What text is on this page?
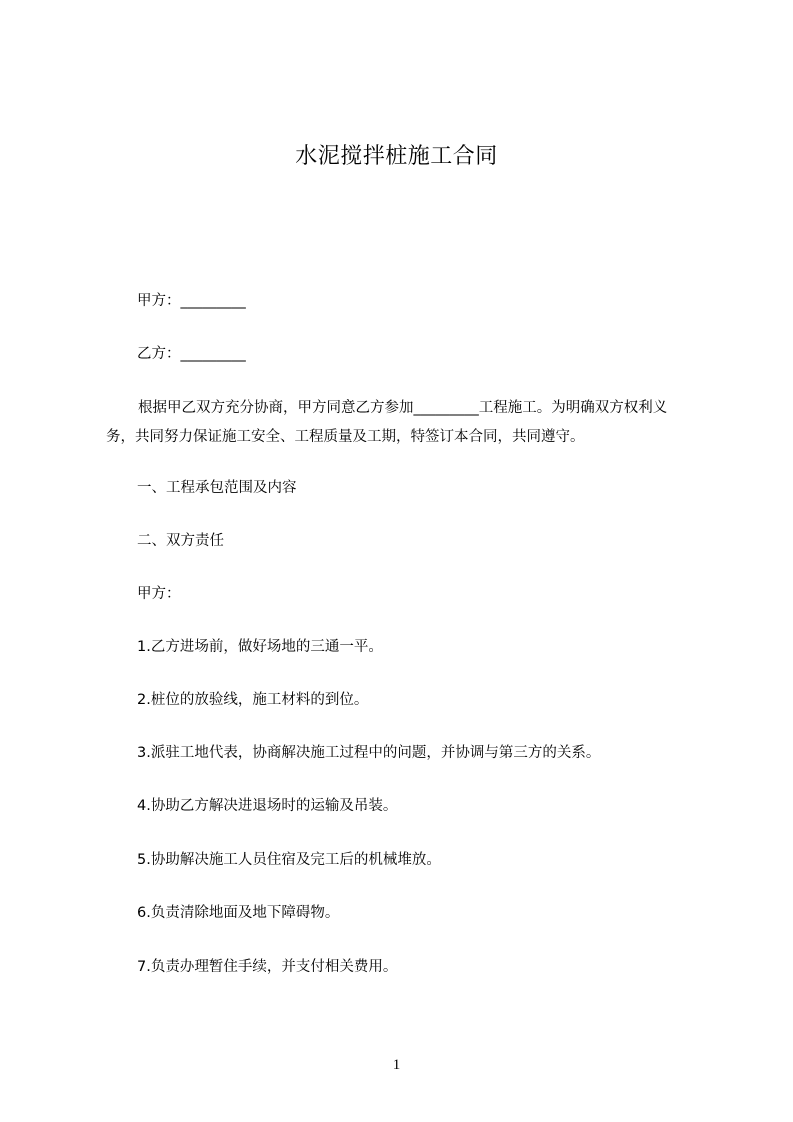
水泥搅拌桩施工合同
甲方：_________
乙方：_________
根据甲乙双方充分协商，甲方同意乙方参加_________工程施工。为明确双方权利义务，共同努力保证施工安全、工程质量及工期，特签订本合同，共同遵守。
一、工程承包范围及内容
二、双方责任
甲方：
1.乙方进场前，做好场地的三通一平。
2.桩位的放验线，施工材料的到位。
3.派驻工地代表，协商解决施工过程中的问题，并协调与第三方的关系。
4.协助乙方解决进退场时的运输及吊装。
5.协助解决施工人员住宿及完工后的机械堆放。
6.负责清除地面及地下障碍物。
7.负责办理暂住手续，并支付相关费用。
1
